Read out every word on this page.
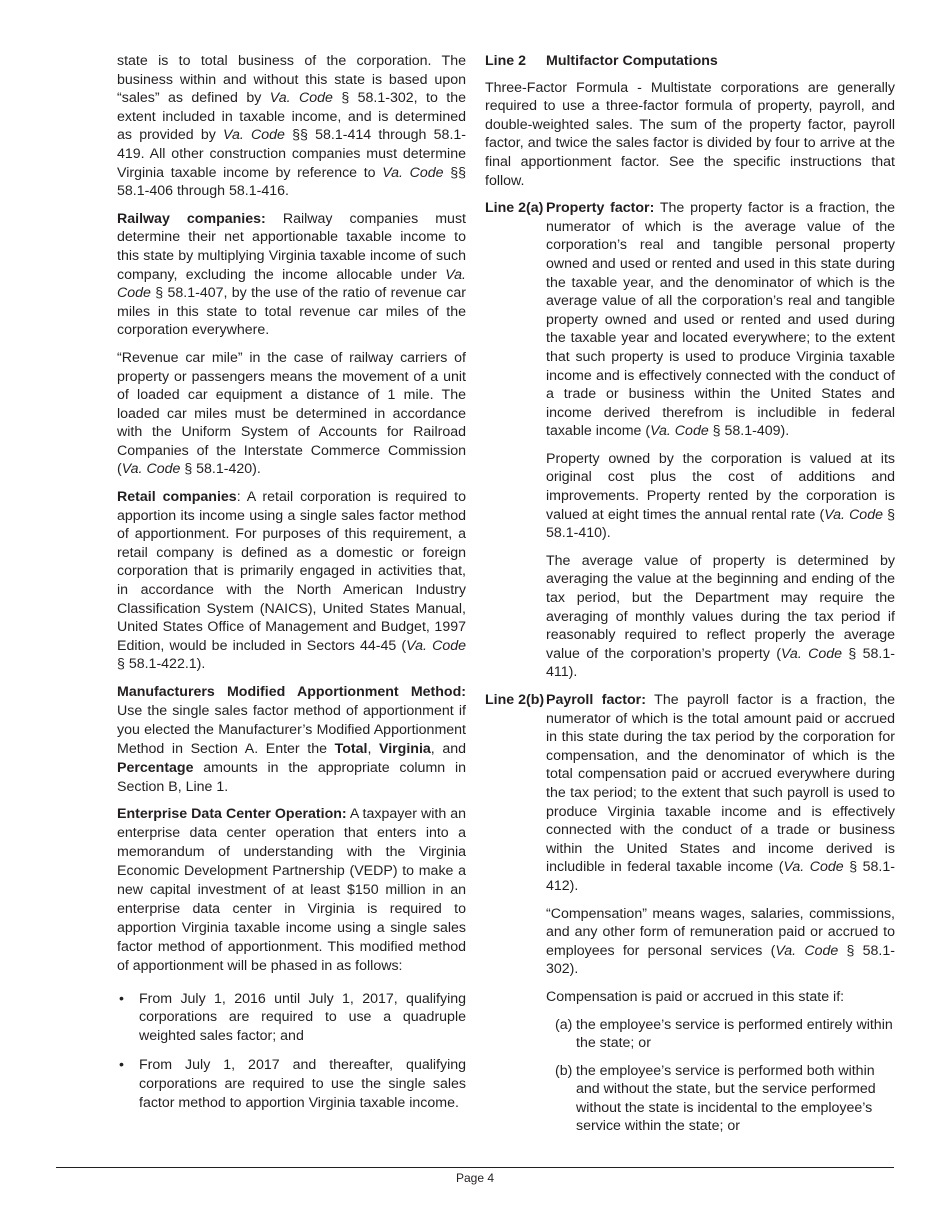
state is to total business of the corporation. The business within and without this state is based upon “sales” as defined by Va. Code § 58.1-302, to the extent included in taxable income, and is determined as provided by Va. Code §§ 58.1-414 through 58.1-419. All other construction companies must determine Virginia taxable income by reference to Va. Code §§ 58.1-406 through 58.1-416.

Railway companies: Railway companies must determine their net apportionable taxable income to this state by multiplying Virginia taxable income of such company, excluding the income allocable under Va. Code § 58.1-407, by the use of the ratio of revenue car miles in this state to total revenue car miles of the corporation everywhere.

“Revenue car mile” in the case of railway carriers of property or passengers means the movement of a unit of loaded car equipment a distance of 1 mile. The loaded car miles must be determined in accordance with the Uniform System of Accounts for Railroad Companies of the Interstate Commerce Commission (Va. Code § 58.1-420).

Retail companies: A retail corporation is required to apportion its income using a single sales factor method of apportionment. For purposes of this requirement, a retail company is defined as a domestic or foreign corporation that is primarily engaged in activities that, in accordance with the North American Industry Classification System (NAICS), United States Manual, United States Office of Management and Budget, 1997 Edition, would be included in Sectors 44-45 (Va. Code § 58.1-422.1).

Manufacturers Modified Apportionment Method: Use the single sales factor method of apportionment if you elected the Manufacturer’s Modified Apportionment Method in Section A. Enter the Total, Virginia, and Percentage amounts in the appropriate column in Section B, Line 1.

Enterprise Data Center Operation: A taxpayer with an enterprise data center operation that enters into a memorandum of understanding with the Virginia Economic Development Partnership (VEDP) to make a new capital investment of at least $150 million in an enterprise data center in Virginia is required to apportion Virginia taxable income using a single sales factor method of apportionment. This modified method of apportionment will be phased in as follows:

• From July 1, 2016 until July 1, 2017, qualifying corporations are required to use a quadruple weighted sales factor; and
• From July 1, 2017 and thereafter, qualifying corporations are required to use the single sales factor method to apportion Virginia taxable income.
Line 2	Multifactor Computations

Three-Factor Formula - Multistate corporations are generally required to use a three-factor formula of property, payroll, and double-weighted sales. The sum of the property factor, payroll factor, and twice the sales factor is divided by four to arrive at the final apportionment factor. See the specific instructions that follow.

Line 2(a) Property factor: The property factor is a fraction, the numerator of which is the average value of the corporation’s real and tangible personal property owned and used or rented and used in this state during the taxable year, and the denominator of which is the average value of all the corporation’s real and tangible property owned and used or rented and used during the taxable year and located everywhere; to the extent that such property is used to produce Virginia taxable income and is effectively connected with the conduct of a trade or business within the United States and income derived therefrom is includible in federal taxable income (Va. Code § 58.1-409).

Property owned by the corporation is valued at its original cost plus the cost of additions and improvements. Property rented by the corporation is valued at eight times the annual rental rate (Va. Code § 58.1-410).

The average value of property is determined by averaging the value at the beginning and ending of the tax period, but the Department may require the averaging of monthly values during the tax period if reasonably required to reflect properly the average value of the corporation’s property (Va. Code § 58.1-411).

Line 2(b) Payroll factor: The payroll factor is a fraction, the numerator of which is the total amount paid or accrued in this state during the tax period by the corporation for compensation, and the denominator of which is the total compensation paid or accrued everywhere during the tax period; to the extent that such payroll is used to produce Virginia taxable income and is effectively connected with the conduct of a trade or business within the United States and income derived is includible in federal taxable income (Va. Code § 58.1-412).

“Compensation” means wages, salaries, commissions, and any other form of remuneration paid or accrued to employees for personal services (Va. Code § 58.1-302).

Compensation is paid or accrued in this state if:

(a) the employee’s service is performed entirely within the state; or
(b) the employee’s service is performed both within and without the state, but the service performed without the state is incidental to the employee’s service within the state; or
Page 4
